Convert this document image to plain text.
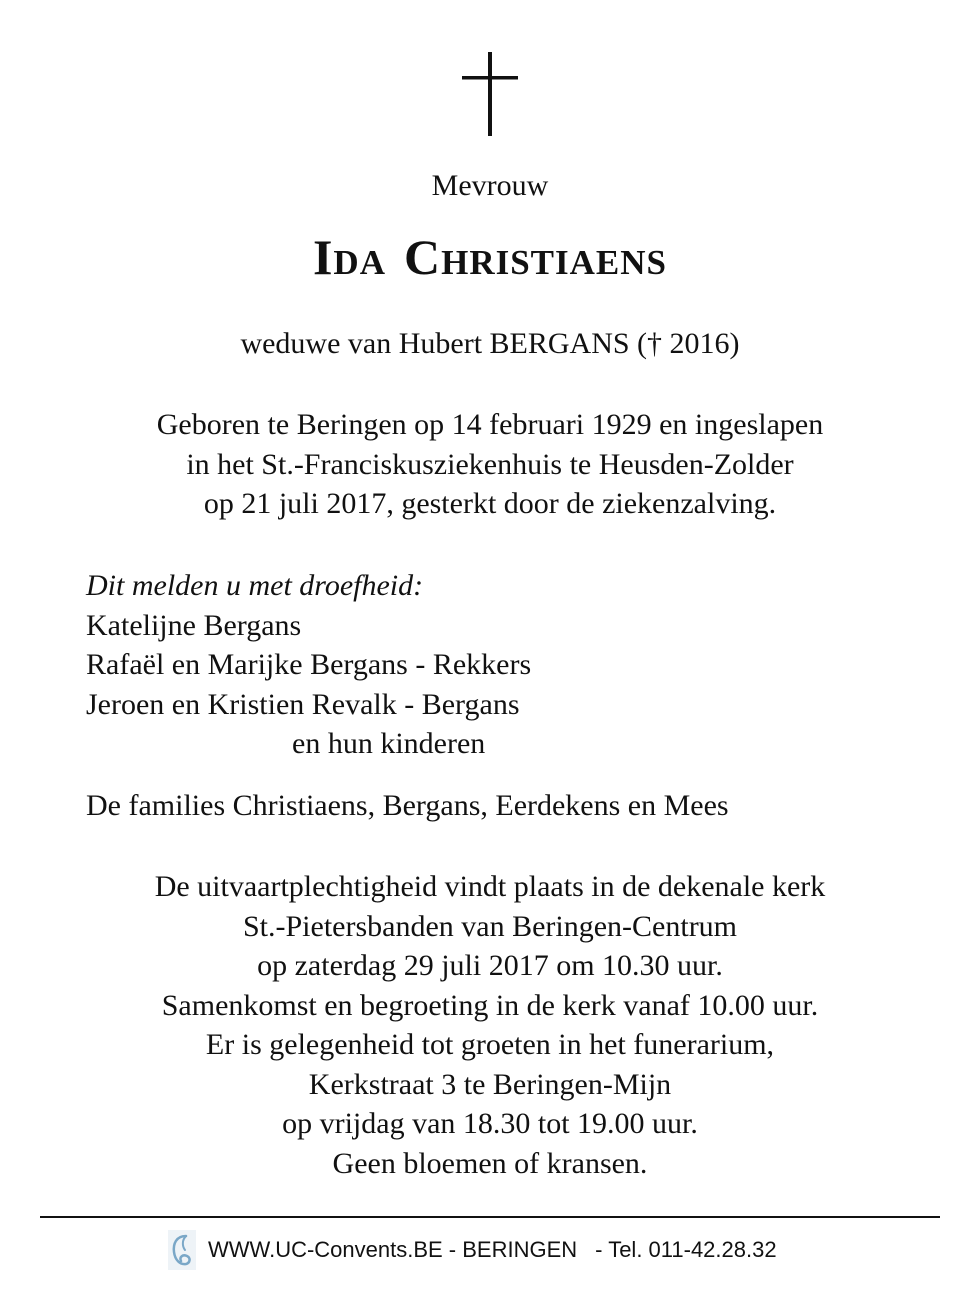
Mevrouw
Ida Christiaens
weduwe van Hubert BERGANS († 2016)
Geboren te Beringen op 14 februari 1929 en ingeslapen
in het St.-Franciskusziekenhuis te Heusden-Zolder
op 21 juli 2017, gesterkt door de ziekenzalving.
Dit melden u met droefheid:
Katelijne Bergans
Rafaël en Marijke Bergans - Rekkers
Jeroen en Kristien Revalk - Bergans
en hun kinderen
De families Christiaens, Bergans, Eerdekens en Mees
De uitvaartplechtigheid vindt plaats in de dekenale kerk
St.-Pietersbanden van Beringen-Centrum
op zaterdag 29 juli 2017 om 10.30 uur.
Samenkomst en begroeting in de kerk vanaf 10.00 uur.
Er is gelegenheid tot groeten in het funerarium,
Kerkstraat 3 te Beringen-Mijn
op vrijdag van 18.30 tot 19.00 uur.
Geen bloemen of kransen.
WWW.UC-Convents.BE - BERINGEN - Tel. 011-42.28.32
